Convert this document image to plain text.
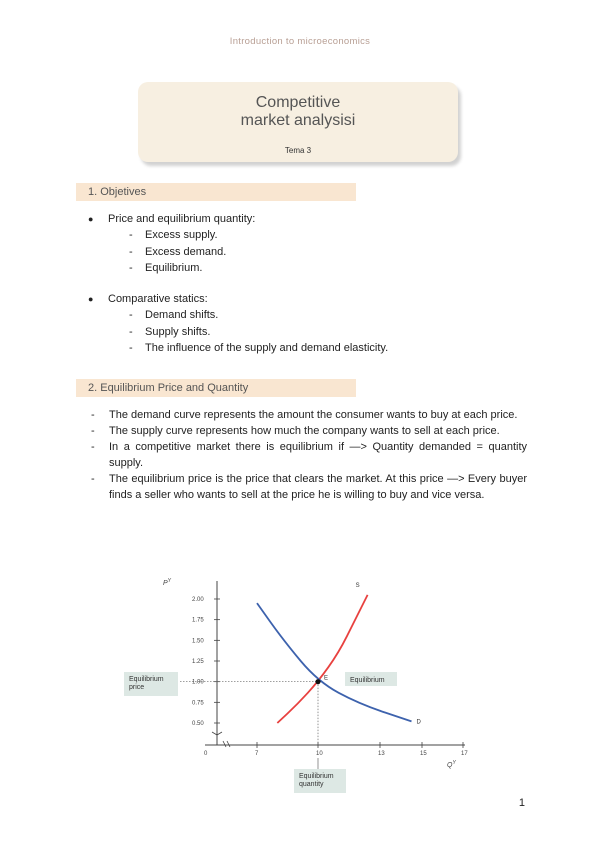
Introduction to microeconomics
Competitive
market analysisi
Tema 3
1. Objetives
● Price and equilibrium quantity:
- Excess supply.
- Excess demand.
- Equilibrium.
● Comparative statics:
- Demand shifts.
- Supply shifts.
- The influence of the supply and demand elasticity.
2. Equilibrium Price and Quantity
- The demand curve represents the amount the consumer wants to buy at each price.
- The supply curve represents how much the company wants to sell at each price.
- In a competitive market there is equilibrium if —> Quantity demanded = quantity supply.
- The equilibrium price is the price that clears the market. At this price —> Every buyer finds a seller who wants to sell at the price he is willing to buy and vice versa.
$P^Y$
2.00
1.75
1.50
1.25
1.00
0.75
0.50
0	7	10	13	15	17
E
S
D
Equilibrium
price
Equilibrium
Equilibrium
quantity
$Q^Y$
1
